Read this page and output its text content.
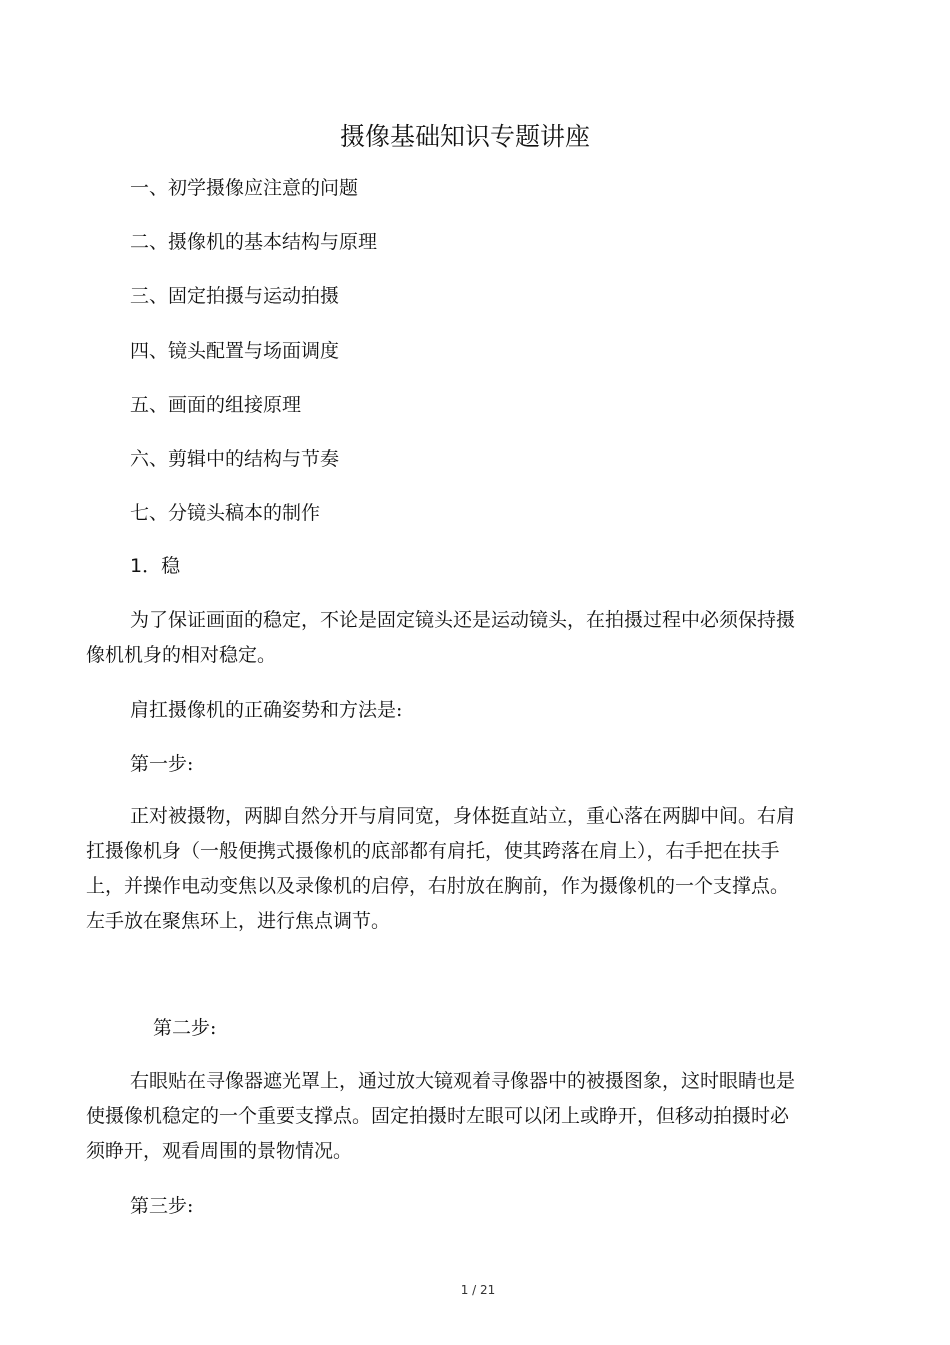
摄像基础知识专题讲座
一、初学摄像应注意的问题
二、摄像机的基本结构与原理
三、固定拍摄与运动拍摄
四、镜头配置与场面调度
五、画面的组接原理
六、剪辑中的结构与节奏
七、分镜头稿本的制作
1．稳

为了保证画面的稳定，不论是固定镜头还是运动镜头，在拍摄过程中必须保持摄像机机身的相对稳定。

肩扛摄像机的正确姿势和方法是:

第一步:

正对被摄物，两脚自然分开与肩同宽，身体挺直站立，重心落在两脚中间。右肩扛摄像机身（一般便携式摄像机的底部都有肩托，使其跨落在肩上），右手把在扶手上，并操作电动变焦以及录像机的启停，右肘放在胸前，作为摄像机的一个支撑点。左手放在聚焦环上，进行焦点调节。

第二步:

右眼贴在寻像器遮光罩上，通过放大镜观着寻像器中的被摄图象，这时眼睛也是使摄像机稳定的一个重要支撑点。固定拍摄时左眼可以闭上或睁开，但移动拍摄时必须睁开，观看周围的景物情况。

第三步:

1 / 21
